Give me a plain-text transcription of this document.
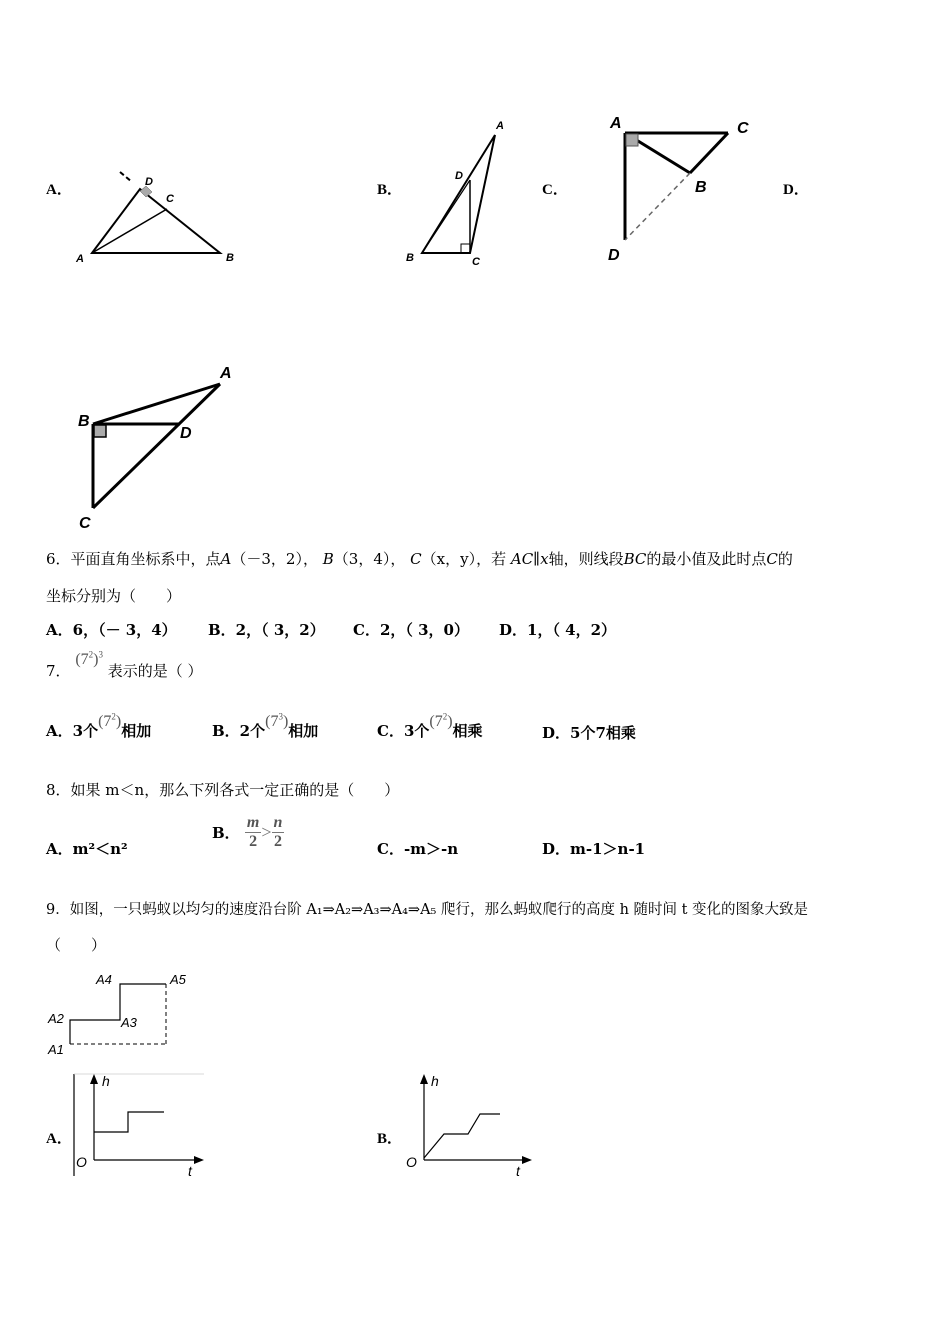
A．	B．	C．	D．
D
C
A	B
A
D
B	C
A	C
B
D
A
B
D
C
6．平面直角坐标系中，点A（－3，2）， B（3，4）， C（x，y），若 AC∥x轴，则线段BC的最小值及此时点C的
坐标分别为（　　）
A．6，（－ 3，4） B．2，（ 3，2） C．2，（ 3，0） D．1，（ 4，2）
7． $(7^2)^3$ 表示的是（ ）
A．3个$(7^2)$相加	B．2个$(7^3)$相加	C．3个$(7^2)$相乘	D．5个7相乘
8．如果 m＜n，那么下列各式一定正确的是（　　）
A．m²＜n²
B． $\frac{m}{2} > \frac{n}{2}$	C．-m＞-n	D．m-1＞n-1
9．如图，一只蚂蚁以均匀的速度沿台阶 A₁⇒A₂⇒A₃⇒A₄⇒A₅ 爬行，那么蚂蚁爬行的高度 h 随时间 t 变化的图象大致是
（　　）
A1
A2	A3
A4	A5
A．
h
t
O
B．
h
t
O
